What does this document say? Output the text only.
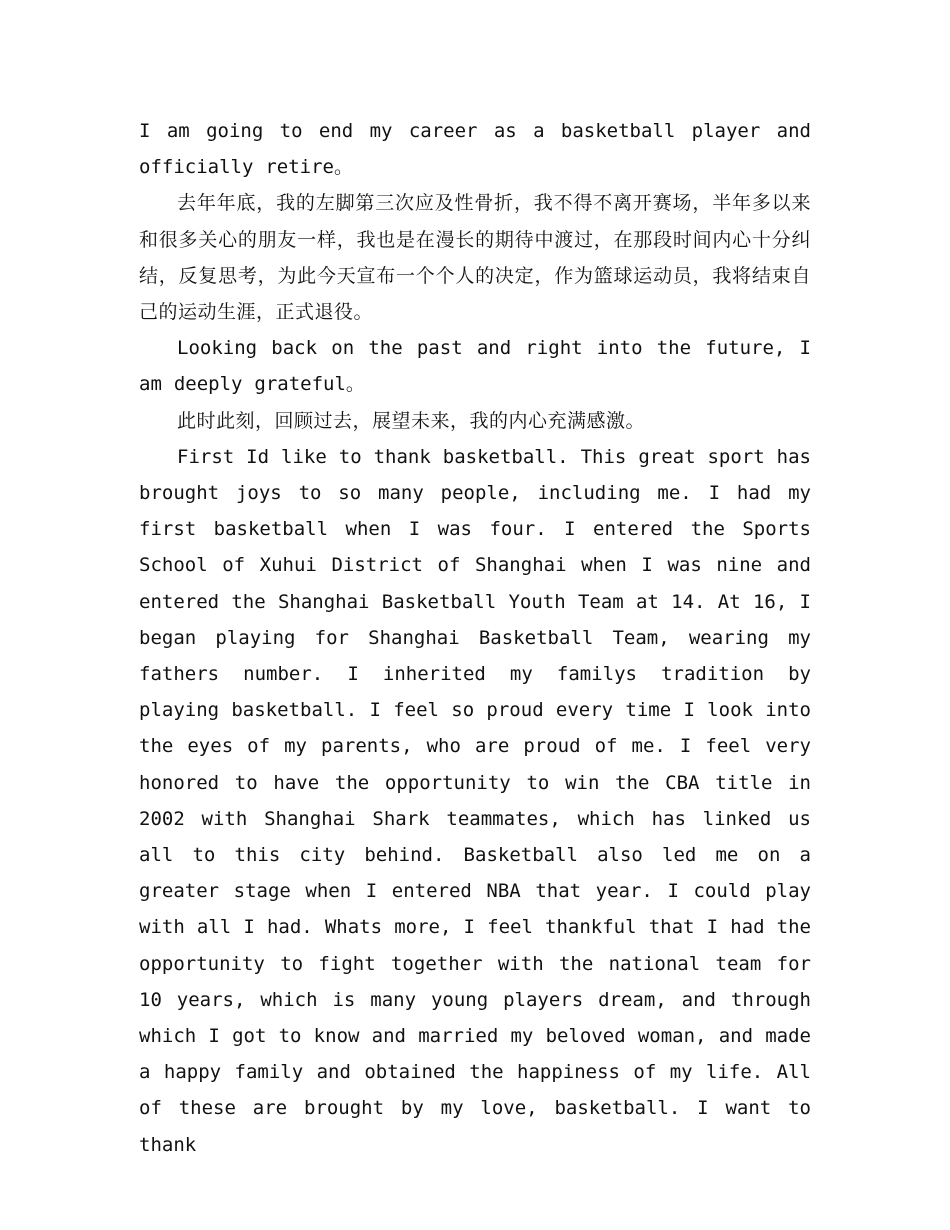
I am going to end my career as a basketball player and officially retire。

去年年底，我的左脚第三次应及性骨折，我不得不离开赛场，半年多以来和很多关心的朋友一样，我也是在漫长的期待中渡过，在那段时间内心十分纠结，反复思考，为此今天宣布一个个人的决定，作为篮球运动员，我将结束自己的运动生涯，正式退役。

Looking back on the past and right into the future, I am deeply grateful。

此时此刻，回顾过去，展望未来，我的内心充满感激。

First Id like to thank basketball. This great sport has brought joys to so many people, including me. I had my first basketball when I was four. I entered the Sports School of Xuhui District of Shanghai when I was nine and entered the Shanghai Basketball Youth Team at 14. At 16, I began playing for Shanghai Basketball Team, wearing my fathers number. I inherited my familys tradition by playing basketball. I feel so proud every time I look into the eyes of my parents, who are proud of me. I feel very honored to have the opportunity to win the CBA title in 2002 with Shanghai Shark teammates, which has linked us all to this city behind. Basketball also led me on a greater stage when I entered NBA that year. I could play with all I had. Whats more, I feel thankful that I had the opportunity to fight together with the national team for 10 years, which is many young players dream, and through which I got to know and married my beloved woman, and made a happy family and obtained the happiness of my life. All of these are brought by my love, basketball. I want to thank
